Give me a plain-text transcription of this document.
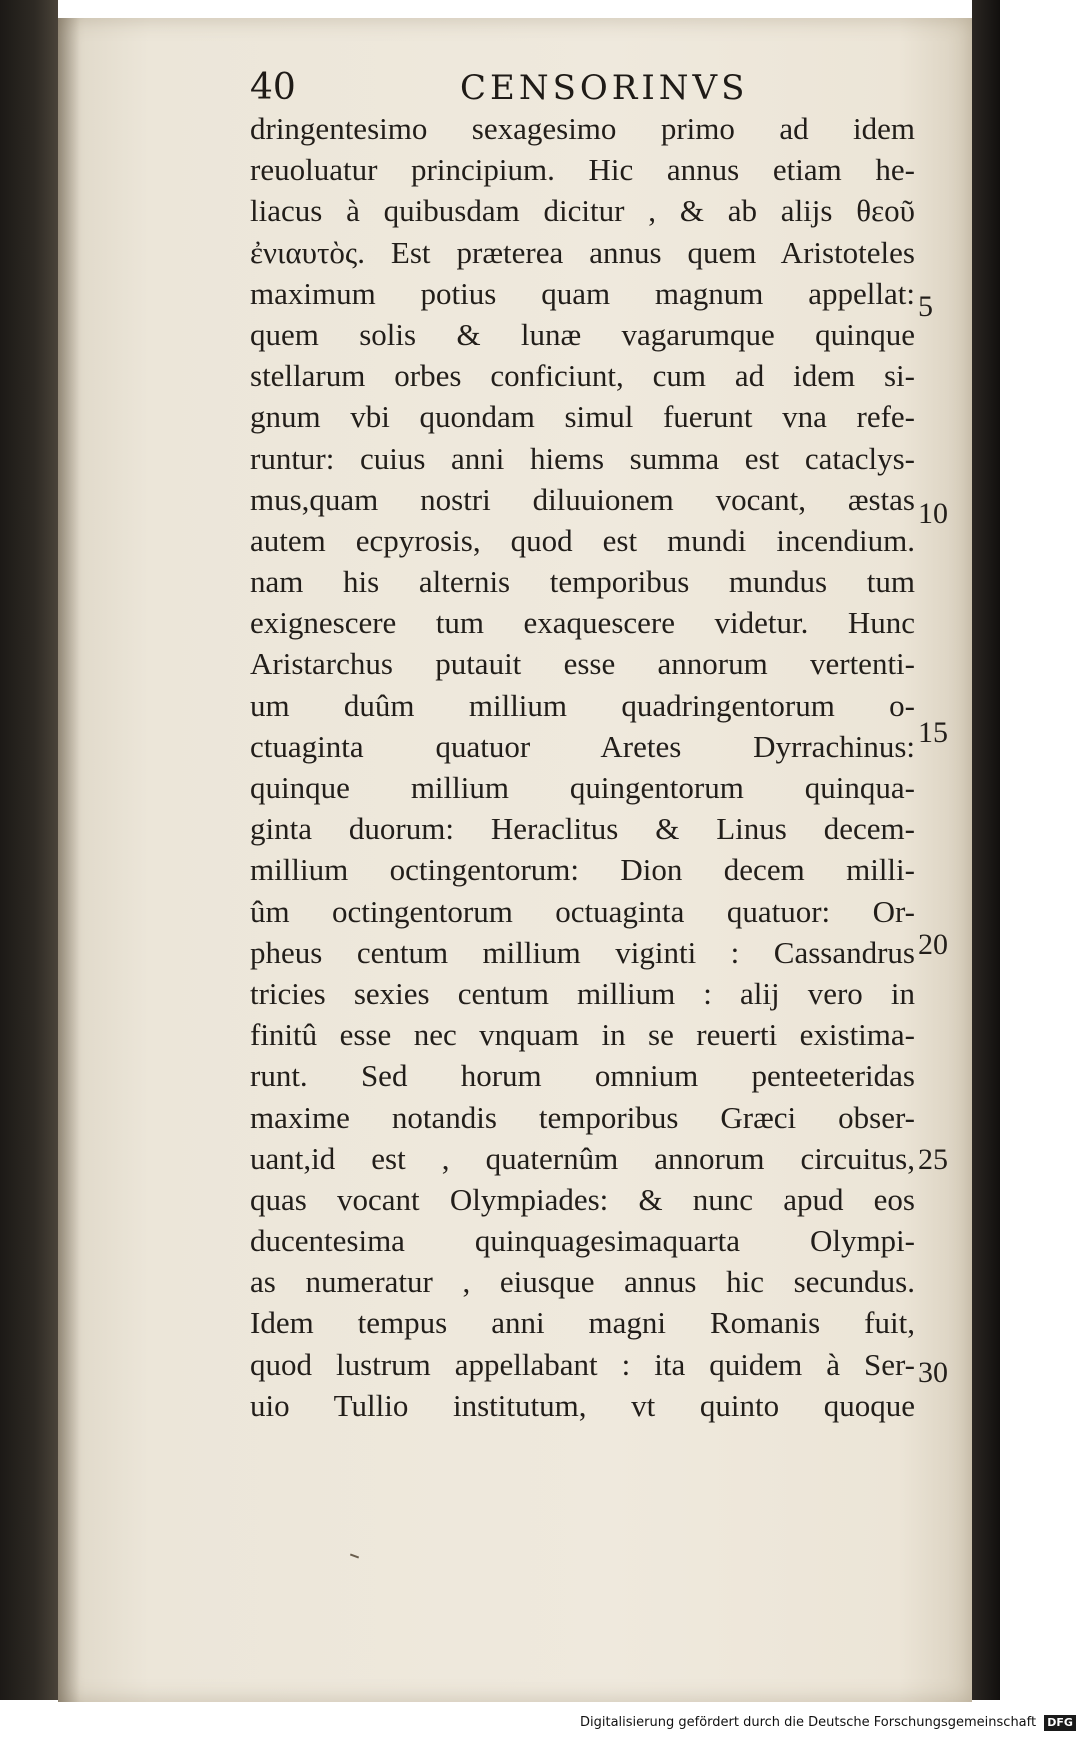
40	CENSORINVS
dringentesimo sexagesimo primo ad idem
reuoluatur principium. Hic annus etiam he-
liacus à quibusdam dicitur , & ab alijs θεοῦ
ἐνιαυτὸς. Est præterea annus quem Aristoteles
maximum potius quam magnum appellat:
quem solis & lunæ vagarumque quinque
stellarum orbes conficiunt, cum ad idem si-
gnum vbi quondam simul fuerunt vna refe-
runtur: cuius anni hiems summa est cataclys-
mus,quam nostri diluuionem vocant, æstas
autem ecpyrosis, quod est mundi incendium.
nam his alternis temporibus mundus tum
exignescere tum exaquescere videtur. Hunc
Aristarchus putauit esse annorum vertenti-
um duûm millium quadringentorum o-
ctuaginta quatuor Aretes Dyrrachinus:
quinque millium quingentorum quinqua-
ginta duorum: Heraclitus & Linus decem-
millium octingentorum: Dion decem milli-
ûm octingentorum octuaginta quatuor: Or-
pheus centum millium viginti : Cassandrus
tricies sexies centum millium : alij vero in
finitû esse nec vnquam in se reuerti existima-
runt. Sed horum omnium penteeteridas
maxime notandis temporibus Græci obser-
uant,id est , quaternûm annorum circuitus,
quas vocant Olympiades: & nunc apud eos
ducentesima quinquagesimaquarta Olympi-
as numeratur , eiusque annus hic secundus.
Idem tempus anni magni Romanis fuit,
quod lustrum appellabant : ita quidem à Ser-
uio Tullio institutum, vt quinto quoque
5
10
15
20
25
30
Digitalisierung gefördert durch die Deutsche Forschungsgemeinschaft DFG
